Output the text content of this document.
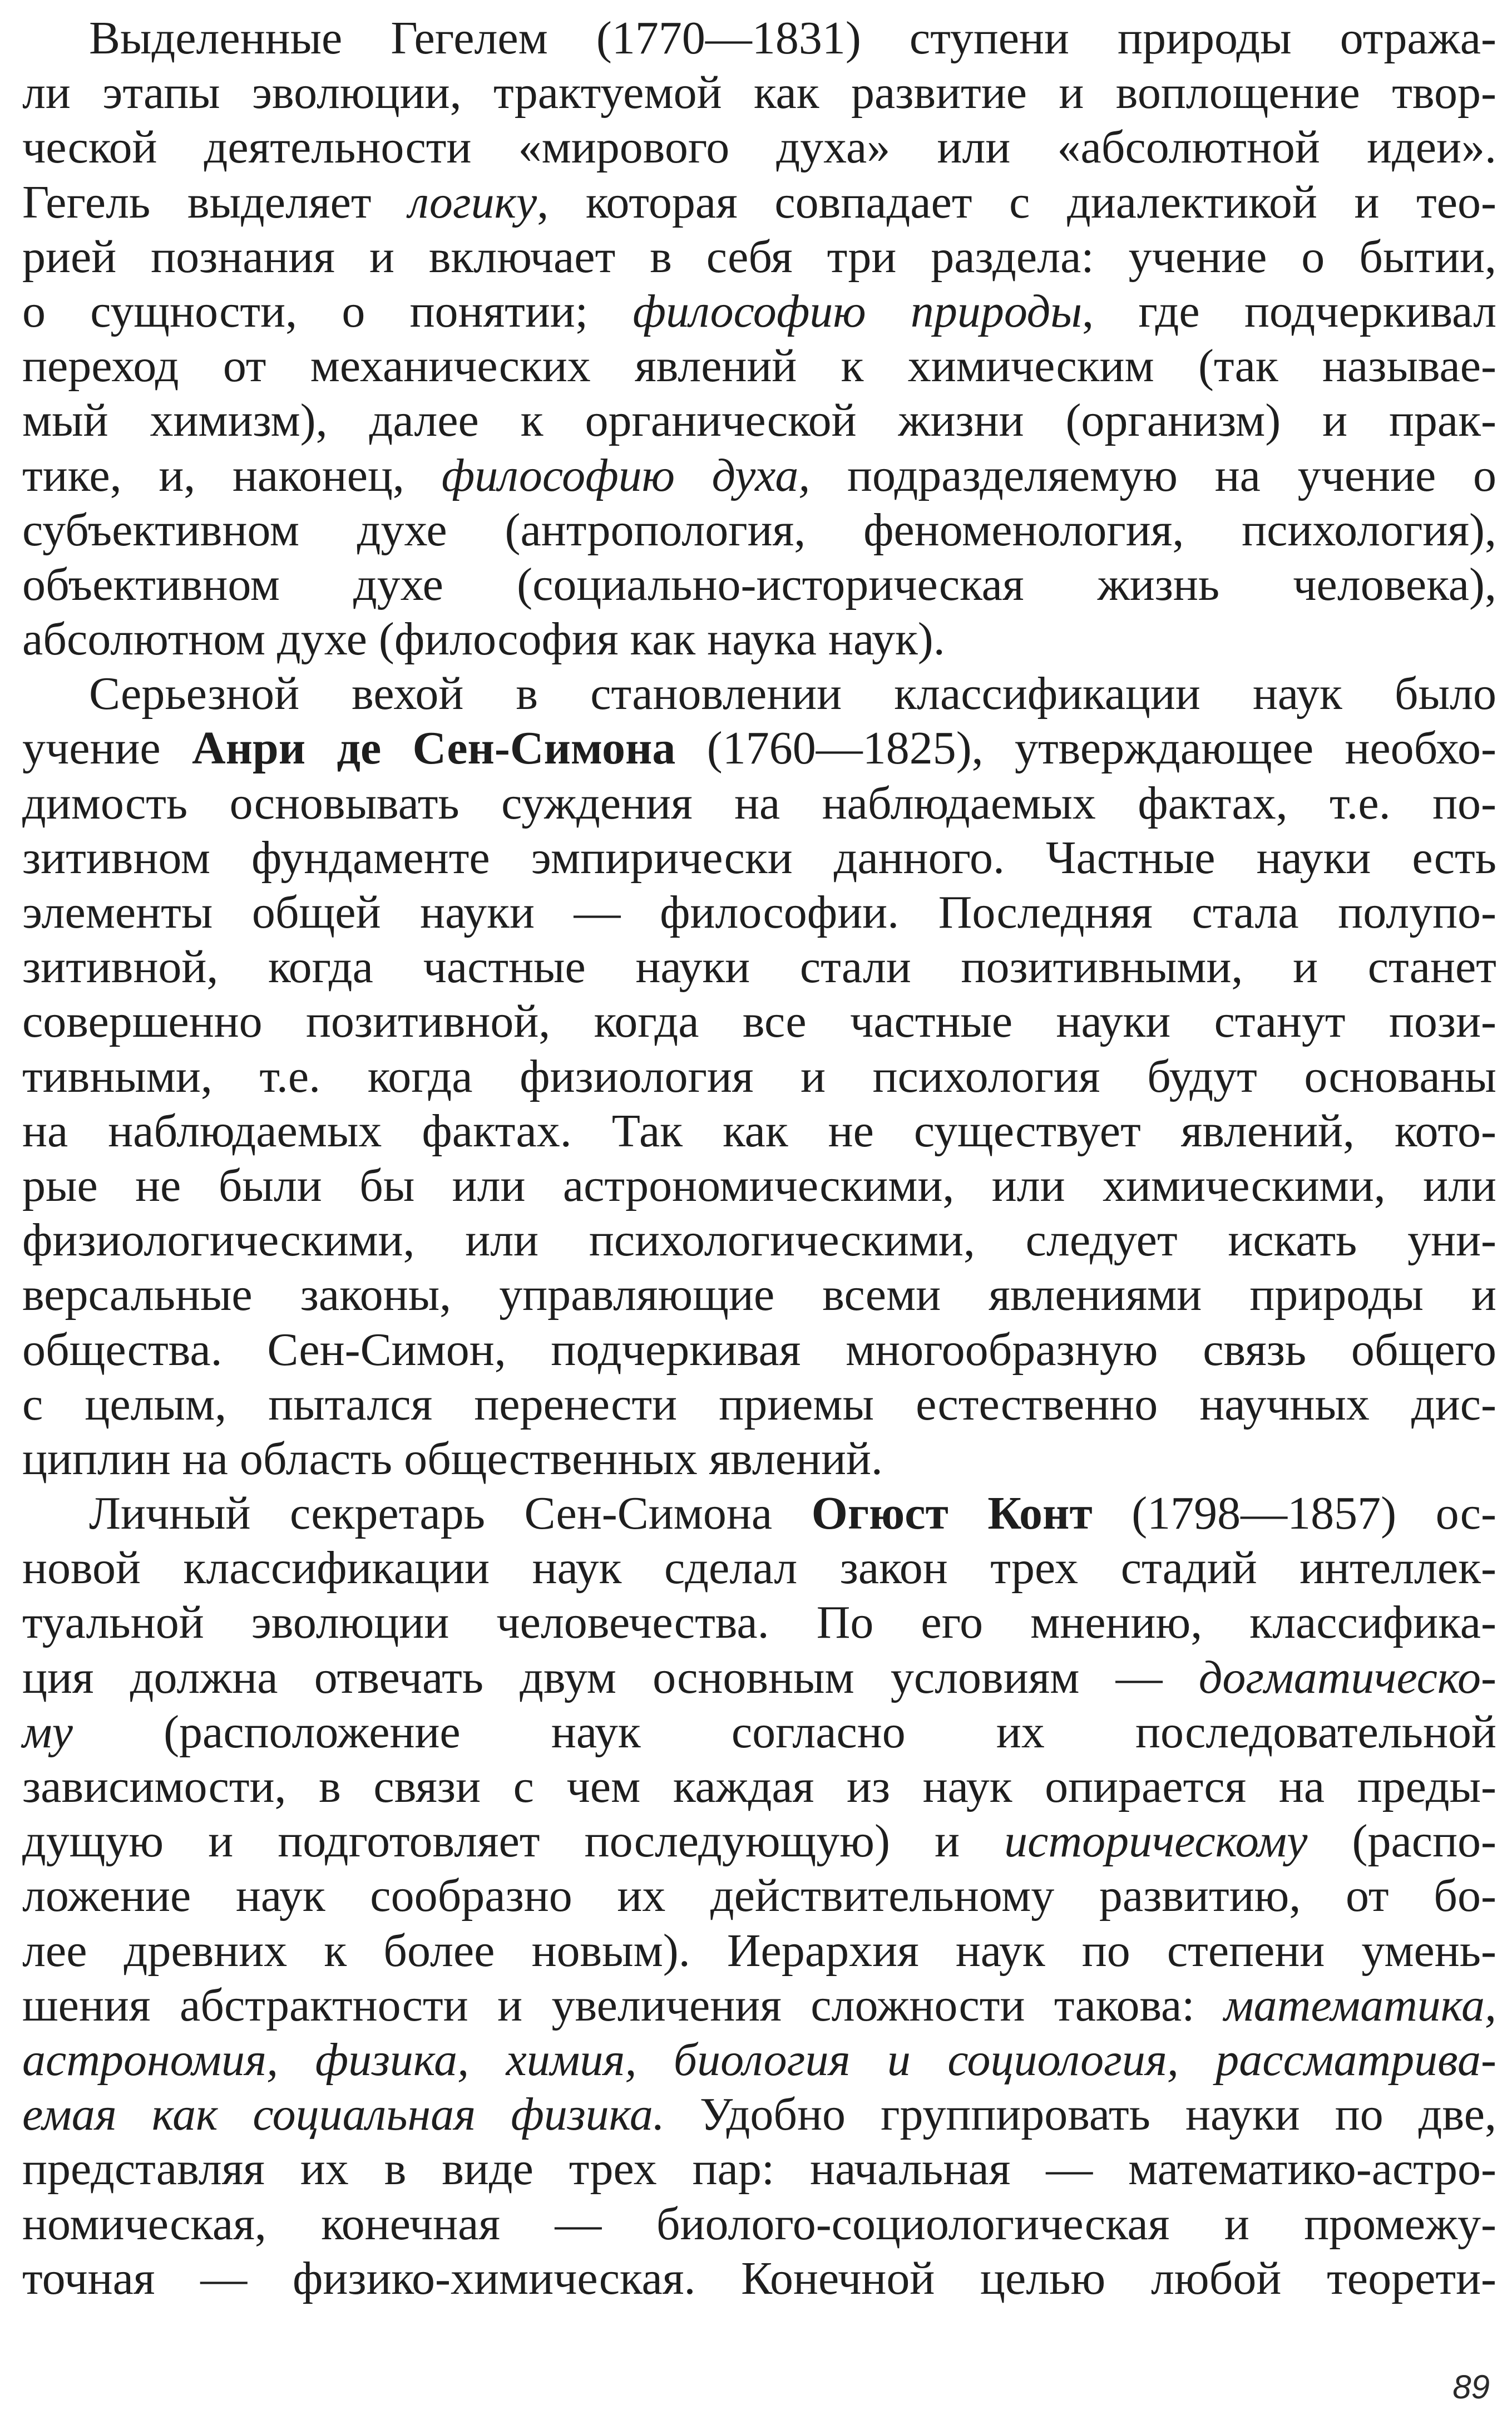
Выделенные Гегелем (1770—1831) ступени природы отража-
ли этапы эволюции, трактуемой как развитие и воплощение твор-
ческой деятельности «мирового духа» или «абсолютной идеи».
Гегель выделяет логику, которая совпадает с диалектикой и тео-
рией познания и включает в себя три раздела: учение о бытии,
о сущности, о понятии; философию природы, где подчеркивал
переход от механических явлений к химическим (так называе-
мый химизм), далее к органической жизни (организм) и прак-
тике, и, наконец, философию духа, подразделяемую на учение о
субъективном духе (антропология, феноменология, психология),
объективном духе (социально-историческая жизнь человека),
абсолютном духе (философия как наука наук).
Серьезной вехой в становлении классификации наук было
учение Анри де Сен-Симона (1760—1825), утверждающее необхо-
димость основывать суждения на наблюдаемых фактах, т.е. по-
зитивном фундаменте эмпирически данного. Частные науки есть
элементы общей науки — философии. Последняя стала полупо-
зитивной, когда частные науки стали позитивными, и станет
совершенно позитивной, когда все частные науки станут пози-
тивными, т.е. когда физиология и психология будут основаны
на наблюдаемых фактах. Так как не существует явлений, кото-
рые не были бы или астрономическими, или химическими, или
физиологическими, или психологическими, следует искать уни-
версальные законы, управляющие всеми явлениями природы и
общества. Сен-Симон, подчеркивая многообразную связь общего
с целым, пытался перенести приемы естественно научных дис-
циплин на область общественных явлений.
Личный секретарь Сен-Симона Огюст Конт (1798—1857) ос-
новой классификации наук сделал закон трех стадий интеллек-
туальной эволюции человечества. По его мнению, классифика-
ция должна отвечать двум основным условиям — догматическо-
му (расположение наук согласно их последовательной
зависимости, в связи с чем каждая из наук опирается на преды-
дущую и подготовляет последующую) и историческому (распо-
ложение наук сообразно их действительному развитию, от бо-
лее древних к более новым). Иерархия наук по степени умень-
шения абстрактности и увеличения сложности такова: математика,
астрономия, физика, химия, биология и социология, рассматрива-
емая как социальная физика. Удобно группировать науки по две,
представляя их в виде трех пар: начальная — математико-астро-
номическая, конечная — биолого-социологическая и промежу-
точная — физико-химическая. Конечной целью любой теорети-
89
